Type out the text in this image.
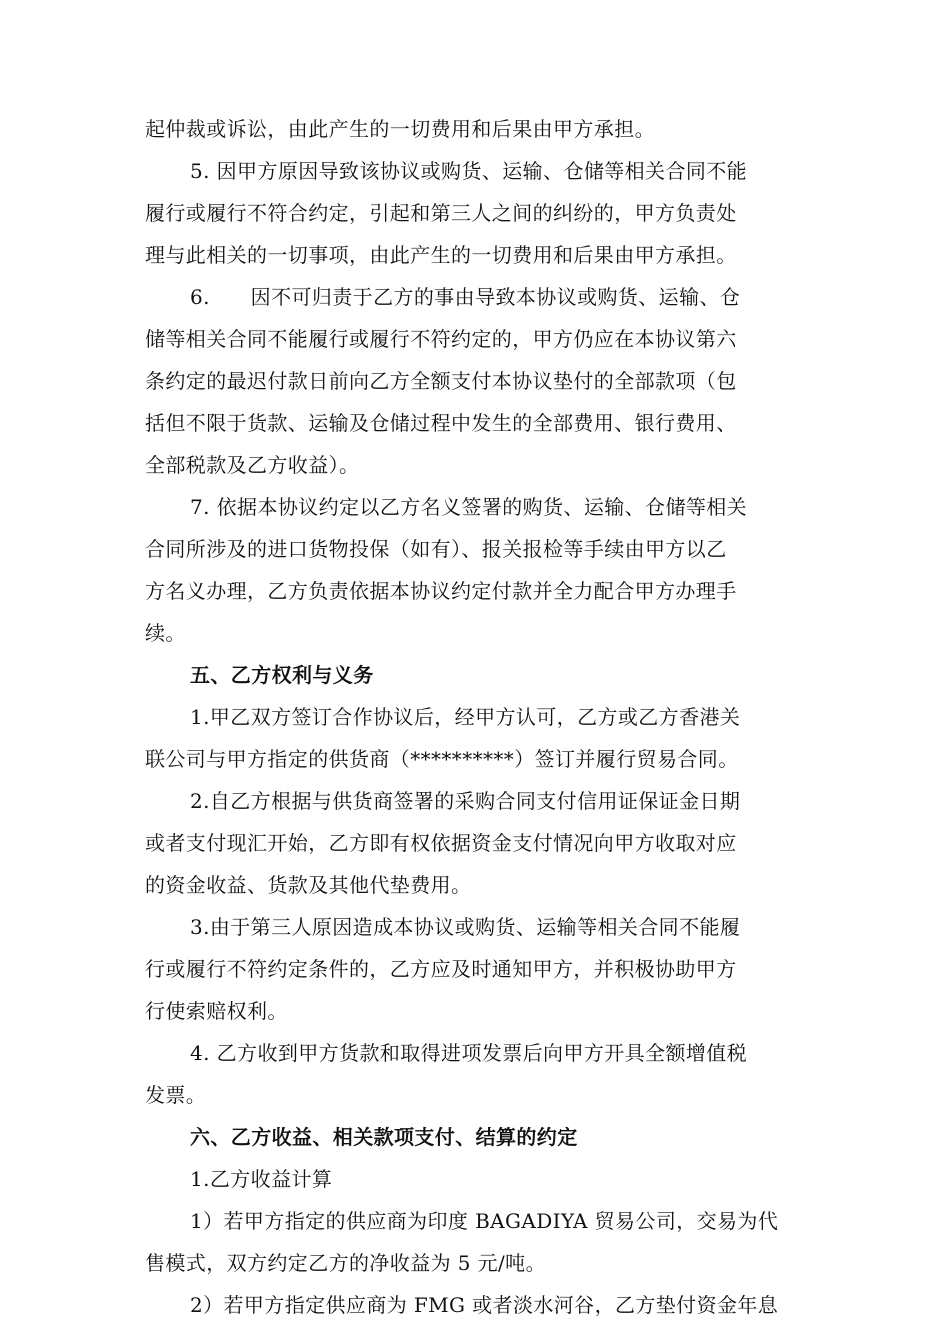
起仲裁或诉讼，由此产生的一切费用和后果由甲方承担。
5. 因甲方原因导致该协议或购货、运输、仓储等相关合同不能
履行或履行不符合约定，引起和第三人之间的纠纷的，甲方负责处
理与此相关的一切事项，由此产生的一切费用和后果由甲方承担。
6.　　因不可归责于乙方的事由导致本协议或购货、运输、仓
储等相关合同不能履行或履行不符约定的，甲方仍应在本协议第六
条约定的最迟付款日前向乙方全额支付本协议垫付的全部款项（包
括但不限于货款、运输及仓储过程中发生的全部费用、银行费用、
全部税款及乙方收益）。
7. 依据本协议约定以乙方名义签署的购货、运输、仓储等相关
合同所涉及的进口货物投保（如有）、报关报检等手续由甲方以乙
方名义办理，乙方负责依据本协议约定付款并全力配合甲方办理手
续。
五、乙方权利与义务
1.甲乙双方签订合作协议后，经甲方认可，乙方或乙方香港关
联公司与甲方指定的供货商（**********）签订并履行贸易合同。
2.自乙方根据与供货商签署的采购合同支付信用证保证金日期
或者支付现汇开始，乙方即有权依据资金支付情况向甲方收取对应
的资金收益、货款及其他代垫费用。
3.由于第三人原因造成本协议或购货、运输等相关合同不能履
行或履行不符约定条件的，乙方应及时通知甲方，并积极协助甲方
行使索赔权利。
4. 乙方收到甲方货款和取得进项发票后向甲方开具全额增值税
发票。
六、乙方收益、相关款项支付、结算的约定
1.乙方收益计算
1）若甲方指定的供应商为印度 BAGADIYA 贸易公司，交易为代
售模式，双方约定乙方的净收益为 5 元/吨。
2）若甲方指定供应商为 FMG 或者淡水河谷，乙方垫付资金年息
